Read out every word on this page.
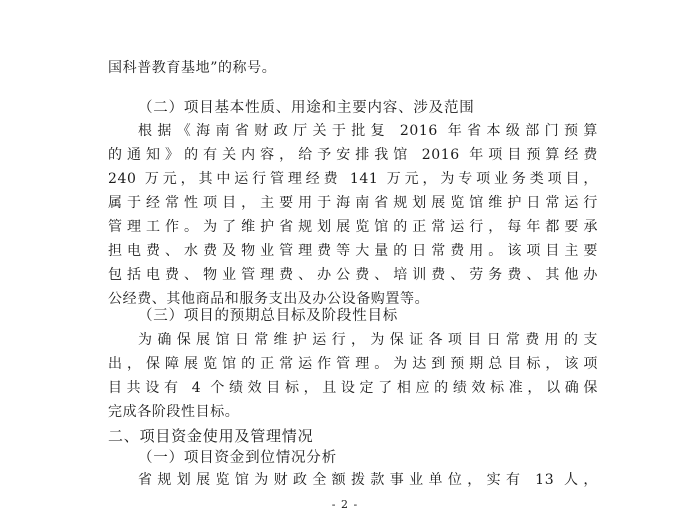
国科普教育基地”的称号。
（二）项目基本性质、用途和主要内容、涉及范围
根据《海南省财政厅关于批复 2016 年省本级部门预算
的通知》的有关内容，给予安排我馆 2016 年项目预算经费
240 万元，其中运行管理经费 141 万元，为专项业务类项目，
属于经常性项目，主要用于海南省规划展览馆维护日常运行
管理工作。为了维护省规划展览馆的正常运行，每年都要承
担电费、水费及物业管理费等大量的日常费用。该项目主要
包括电费、物业管理费、办公费、培训费、劳务费、其他办
公经费、其他商品和服务支出及办公设备购置等。
（三）项目的预期总目标及阶段性目标
为确保展馆日常维护运行，为保证各项目日常费用的支
出，保障展览馆的正常运作管理。为达到预期总目标，该项
目共设有 4 个绩效目标，且设定了相应的绩效标准，以确保
完成各阶段性目标。
二、项目资金使用及管理情况
- 2 -
（一）项目资金到位情况分析
省规划展览馆为财政全额拨款事业单位，实有 13 人，
